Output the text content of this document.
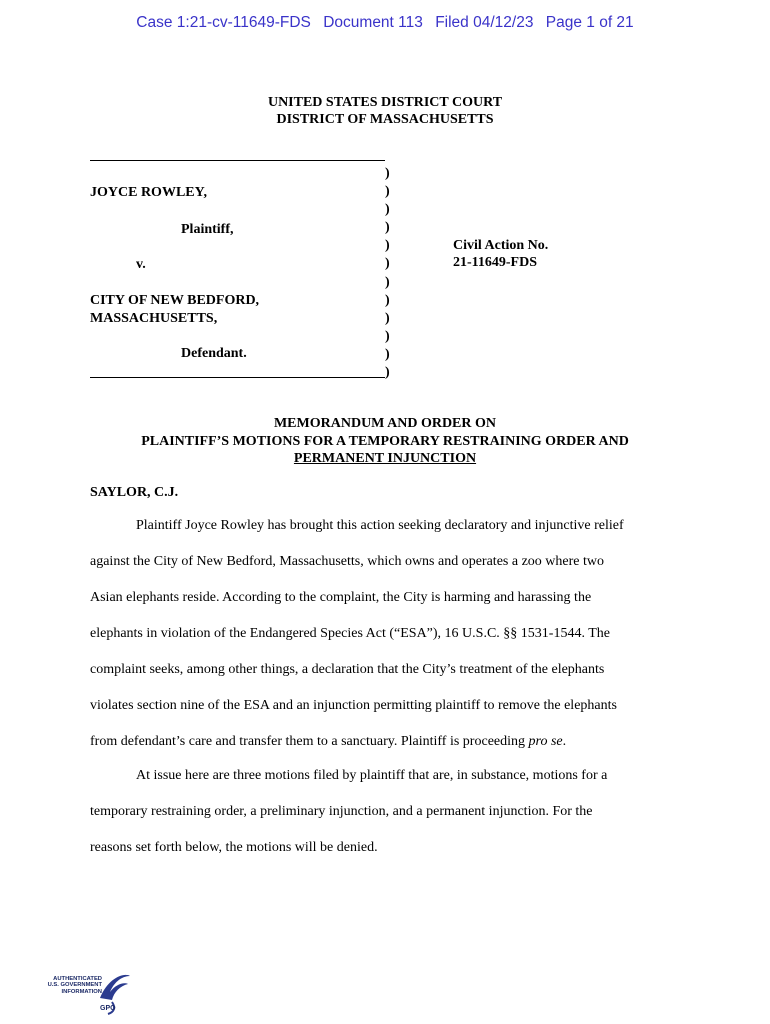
Case 1:21-cv-11649-FDS Document 113 Filed 04/12/23 Page 1 of 21
UNITED STATES DISTRICT COURT
DISTRICT OF MASSACHUSETTS
JOYCE ROWLEY,
Plaintiff,
v.
CITY OF NEW BEDFORD,
MASSACHUSETTS,
Defendant.
)
)
)
)
)
)
)
)
)
)
)
)
Civil Action No.
21-11649-FDS
MEMORANDUM AND ORDER ON
PLAINTIFF’S MOTIONS FOR A TEMPORARY RESTRAINING ORDER AND
PERMANENT INJUNCTION
SAYLOR, C.J.
Plaintiff Joyce Rowley has brought this action seeking declaratory and injunctive relief
against the City of New Bedford, Massachusetts, which owns and operates a zoo where two
Asian elephants reside. According to the complaint, the City is harming and harassing the
elephants in violation of the Endangered Species Act (“ESA”), 16 U.S.C. §§ 1531-1544. The
complaint seeks, among other things, a declaration that the City’s treatment of the elephants
violates section nine of the ESA and an injunction permitting plaintiff to remove the elephants
from defendant’s care and transfer them to a sanctuary. Plaintiff is proceeding pro se.
At issue here are three motions filed by plaintiff that are, in substance, motions for a
temporary restraining order, a preliminary injunction, and a permanent injunction. For the
reasons set forth below, the motions will be denied.
AUTHENTICATED
U.S. GOVERNMENT
INFORMATION
GPO
